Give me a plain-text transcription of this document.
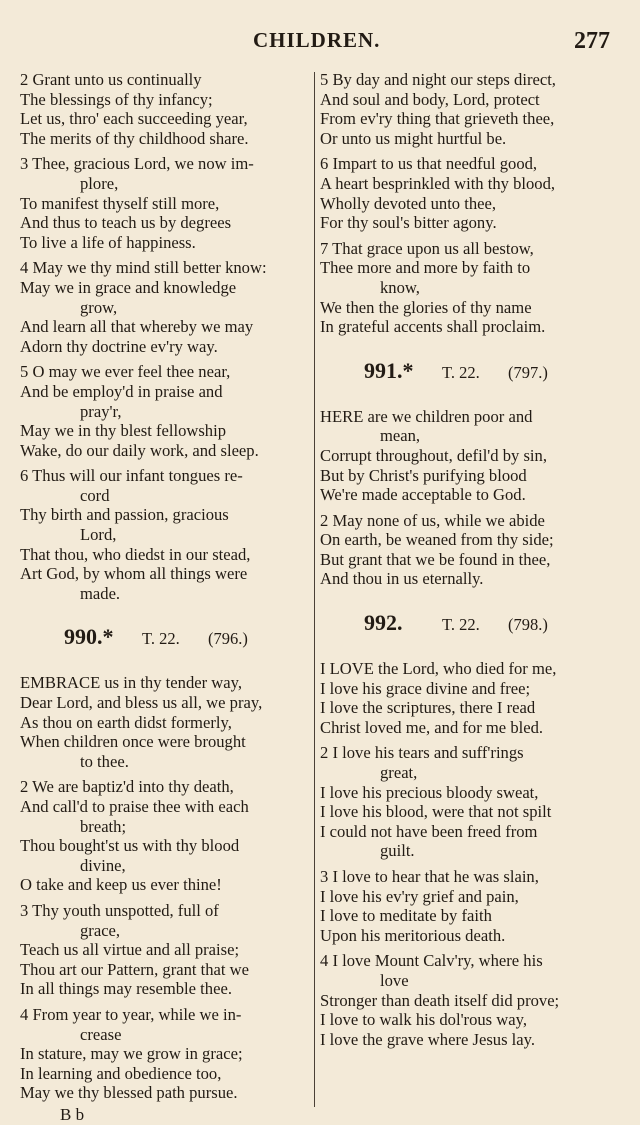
CHILDREN.	277
2 Grant unto us continually
The blessings of thy infancy;
Let us, thro' each succeeding year,
The merits of thy childhood share.
3 Thee, gracious Lord, we now im-
plore,
To manifest thyself still more,
And thus to teach us by degrees
To live a life of happiness.
4 May we thy mind still better know:
May we in grace and knowledge
grow,
And learn all that whereby we may
Adorn thy doctrine ev'ry way.
5 O may we ever feel thee near,
And be employ'd in praise and
pray'r,
May we in thy blest fellowship
Wake, do our daily work, and sleep.
6 Thus will our infant tongues re-
cord
Thy birth and passion, gracious
Lord,
That thou, who diedst in our stead,
Art God, by whom all things were
made.
990.* T. 22. (796.)
EMBRACE us in thy tender way,
Dear Lord, and bless us all, we pray,
As thou on earth didst formerly,
When children once were brought
to thee.
2 We are baptiz'd into thy death,
And call'd to praise thee with each
breath;
Thou bought'st us with thy blood
divine,
O take and keep us ever thine!
3 Thy youth unspotted, full of
grace,
Teach us all virtue and all praise;
Thou art our Pattern, grant that we
In all things may resemble thee.
4 From year to year, while we in-
crease
In stature, may we grow in grace;
In learning and obedience too,
May we thy blessed path pursue.
B b
5 By day and night our steps direct,
And soul and body, Lord, protect
From ev'ry thing that grieveth thee,
Or unto us might hurtful be.
6 Impart to us that needful good,
A heart besprinkled with thy blood,
Wholly devoted unto thee,
For thy soul's bitter agony.
7 That grace upon us all bestow,
Thee more and more by faith to
know,
We then the glories of thy name
In grateful accents shall proclaim.
991.* T. 22. (797.)
HERE are we children poor and
mean,
Corrupt throughout, defil'd by sin,
But by Christ's purifying blood
We're made acceptable to God.
2 May none of us, while we abide
On earth, be weaned from thy side;
But grant that we be found in thee,
And thou in us eternally.
992. T. 22. (798.)
I LOVE the Lord, who died for me,
I love his grace divine and free;
I love the scriptures, there I read
Christ loved me, and for me bled.
2 I love his tears and suff'rings
great,
I love his precious bloody sweat,
I love his blood, were that not spilt
I could not have been freed from
guilt.
3 I love to hear that he was slain,
I love his ev'ry grief and pain,
I love to meditate by faith
Upon his meritorious death.
4 I love Mount Calv'ry, where his
love
Stronger than death itself did prove;
I love to walk his dol'rous way,
I love the grave where Jesus lay.
